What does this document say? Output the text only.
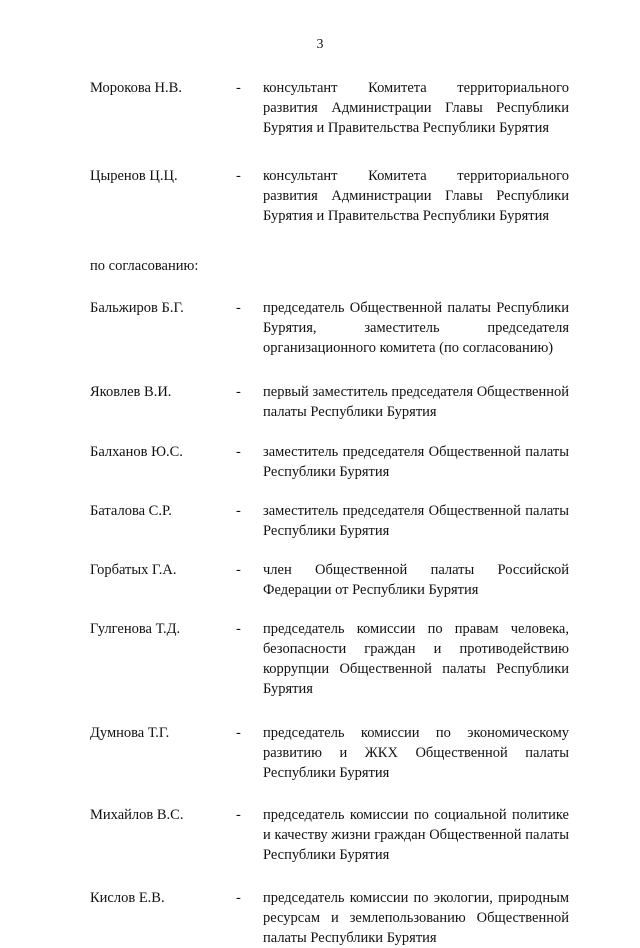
3
Морокова Н.В.	- консультант Комитета территориального развития Администрации Главы Республики Бурятия и Правительства Республики Бурятия
Цыренов Ц.Ц.	- консультант Комитета территориального развития Администрации Главы Республики Бурятия и Правительства Республики Бурятия
по согласованию:
Бальжиров Б.Г.	- председатель Общественной палаты Республики Бурятия, заместитель председателя организационного комитета (по согласованию)
Яковлев В.И.	- первый заместитель председателя Общественной палаты Республики Бурятия
Балханов Ю.С.	- заместитель председателя Общественной палаты Республики Бурятия
Баталова С.Р.	- заместитель председателя Общественной палаты Республики Бурятия
Горбатых Г.А.	- член Общественной палаты Российской Федерации от Республики Бурятия
Гулгенова Т.Д.	- председатель комиссии по правам человека, безопасности граждан и противодействию коррупции Общественной палаты Республики Бурятия
Думнова Т.Г.	- председатель комиссии по экономическому развитию и ЖКХ Общественной палаты Республики Бурятия
Михайлов В.С.	- председатель комиссии по социальной политике и качеству жизни граждан Общественной палаты Республики Бурятия
Кислов Е.В.	- председатель комиссии по экологии, природным ресурсам и землепользованию Общественной палаты Республики Бурятия
